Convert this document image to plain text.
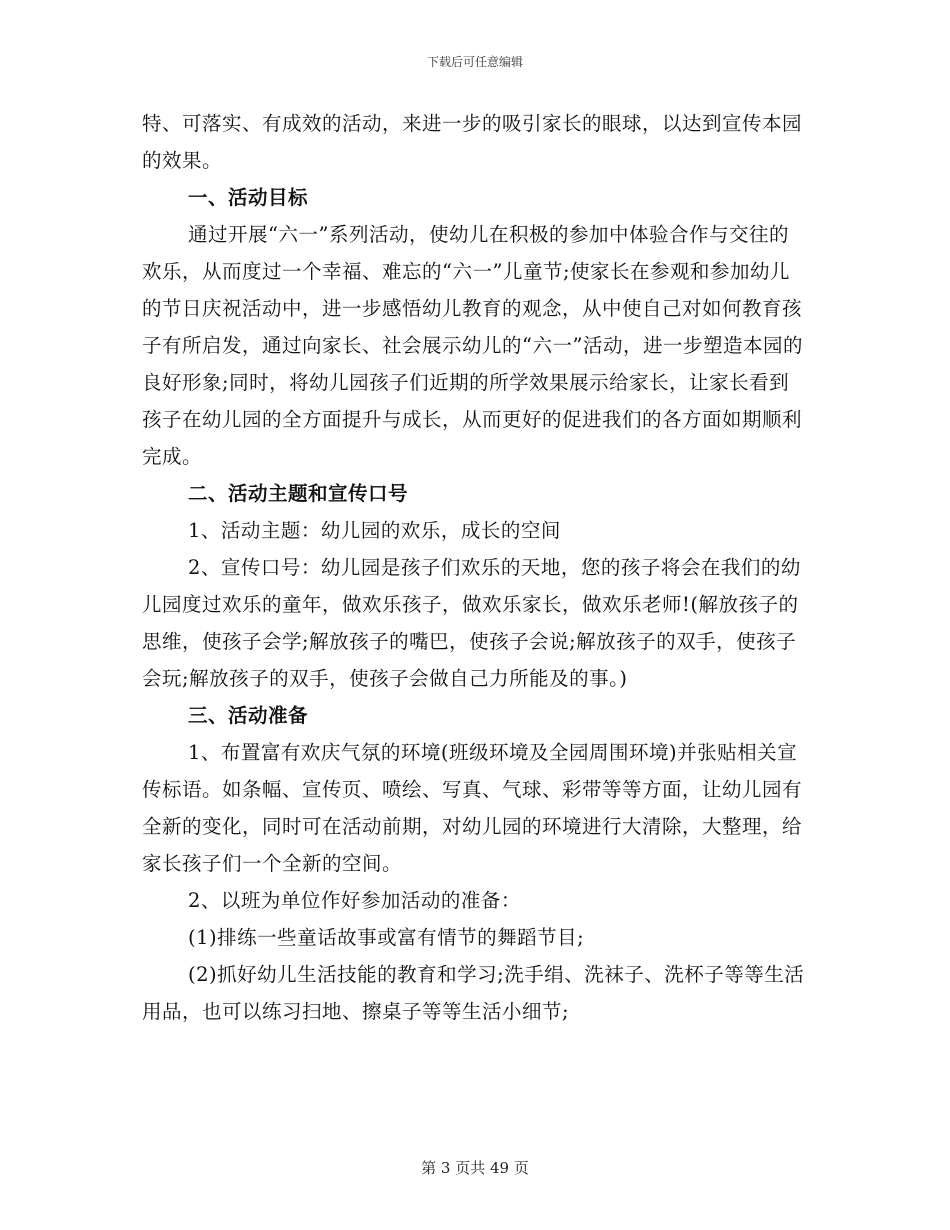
下载后可任意编辑

特、可落实、有成效的活动，来进一步的吸引家长的眼球，以达到宣传本园的效果。

一、活动目标

通过开展“六一”系列活动，使幼儿在积极的参加中体验合作与交往的欢乐，从而度过一个幸福、难忘的“六一”儿童节;使家长在参观和参加幼儿的节日庆祝活动中，进一步感悟幼儿教育的观念，从中使自己对如何教育孩子有所启发，通过向家长、社会展示幼儿的“六一”活动，进一步塑造本园的良好形象;同时，将幼儿园孩子们近期的所学效果展示给家长，让家长看到孩子在幼儿园的全方面提升与成长，从而更好的促进我们的各方面如期顺利完成。

二、活动主题和宣传口号

1、活动主题：幼儿园的欢乐，成长的空间

2、宣传口号：幼儿园是孩子们欢乐的天地，您的孩子将会在我们的幼儿园度过欢乐的童年，做欢乐孩子，做欢乐家长，做欢乐老师!(解放孩子的思维，使孩子会学;解放孩子的嘴巴，使孩子会说;解放孩子的双手，使孩子会玩;解放孩子的双手，使孩子会做自己力所能及的事。)

三、活动准备

1、布置富有欢庆气氛的环境(班级环境及全园周围环境)并张贴相关宣传标语。如条幅、宣传页、喷绘、写真、气球、彩带等等方面，让幼儿园有全新的变化，同时可在活动前期，对幼儿园的环境进行大清除，大整理，给家长孩子们一个全新的空间。

2、以班为单位作好参加活动的准备：

(1)排练一些童话故事或富有情节的舞蹈节目;

(2)抓好幼儿生活技能的教育和学习;洗手绢、洗袜子、洗杯子等等生活用品，也可以练习扫地、擦桌子等等生活小细节;

第 3 页共 49 页
